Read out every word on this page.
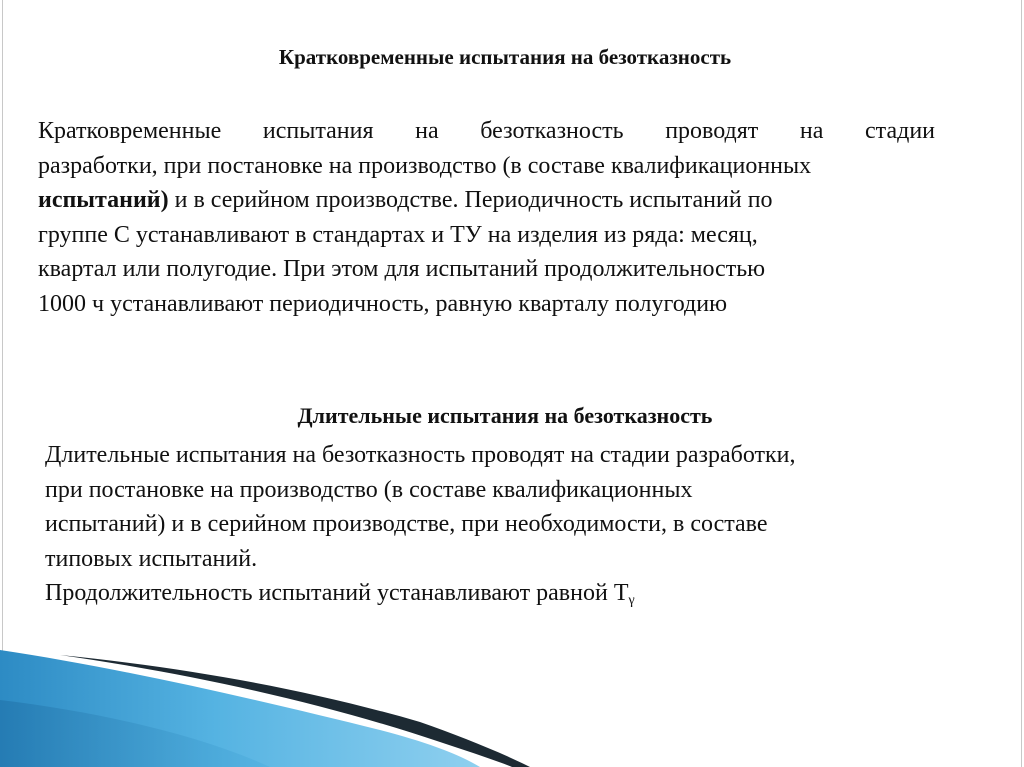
Кратковременные испытания на безотказность
Кратковременные испытания на безотказность проводят на стадии
разработки, при постановке на производство (в составе квалификационных
испытаний) и в серийном производстве. Периодичность испытаний по
группе С устанавливают в стандартах и ТУ на изделия из ряда: месяц,
квартал или полугодие. При этом для испытаний продолжительностью
1000 ч устанавливают периодичность, равную кварталу полугодию
Длительные испытания на безотказность
Длительные испытания на безотказность проводят на стадии разработки,
при постановке на производство (в составе квалификационных
испытаний) и в серийном производстве, при необходимости, в составе
типовых испытаний.
Продолжительность испытаний устанавливают равной $Т_\gamma$
